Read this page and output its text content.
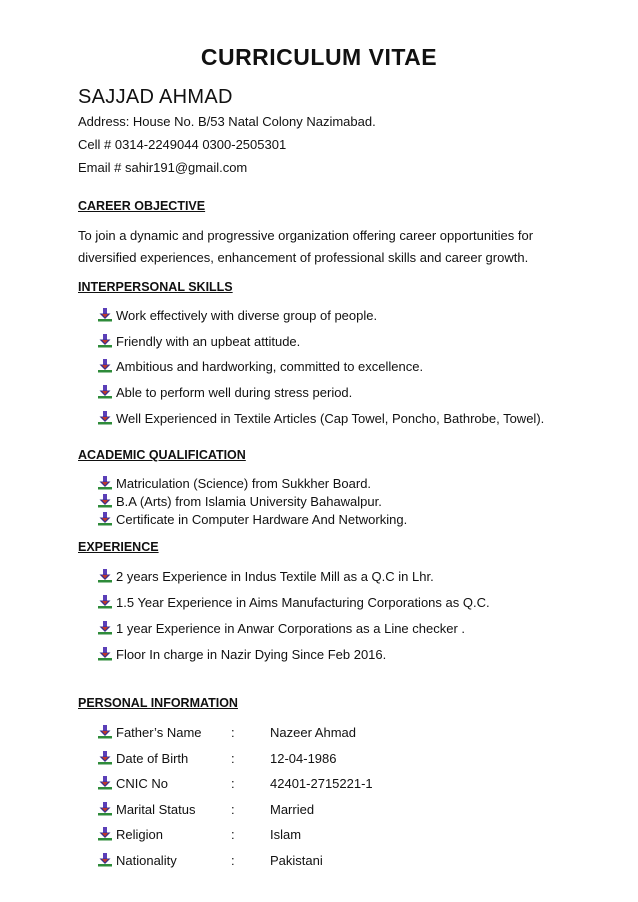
CURRICULUM VITAE
SAJJAD AHMAD

Address: House No. B/53 Natal Colony Nazimabad.

Cell # 0314-2249044 0300-2505301

Email # sahir191@gmail.com

CAREER OBJECTIVE

To join a dynamic and progressive organization offering career opportunities for
diversified experiences, enhancement of professional skills and career growth.

INTERPERSONAL SKILLS

Work effectively with diverse group of people.
Friendly with an upbeat attitude.
Ambitious and hardworking, committed to excellence.
Able to perform well during stress period.
Well Experienced in Textile Articles (Cap Towel, Poncho, Bathrobe, Towel).

ACADEMIC QUALIFICATION

Matriculation (Science) from Sukkher Board.
B.A (Arts) from Islamia University Bahawalpur.
Certificate in Computer Hardware And Networking.

EXPERIENCE

2 years Experience in Indus Textile Mill as a Q.C in Lhr.
1.5 Year Experience in Aims Manufacturing Corporations as Q.C.
1 year Experience in Anwar Corporations as a Line checker .
Floor In charge in Nazir Dying Since Feb 2016.

PERSONAL INFORMATION

Father’s Name :	Nazeer Ahmad
Date of Birth	:	12-04-1986
CNIC No	:	42401-2715221-1
Marital Status	:	Married
Religion	:	Islam
Nationality	:	Pakistani
